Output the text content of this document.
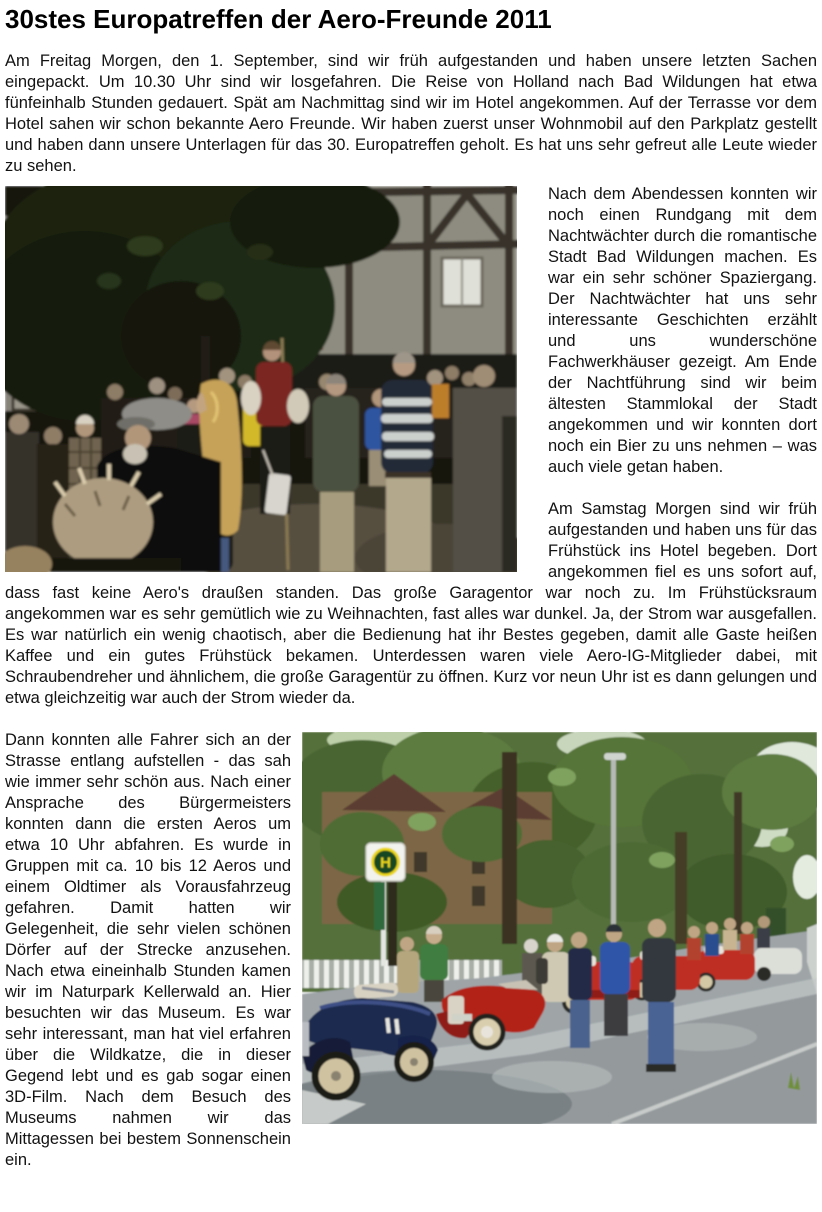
30stes Europatreffen der Aero-Freunde 2011

Am Freitag Morgen, den 1. September, sind wir früh aufgestanden und haben unsere letzten Sachen eingepackt. Um 10.30 Uhr sind wir losgefahren. Die Reise von Holland nach Bad Wildungen hat etwa fünfeinhalb Stunden gedauert. Spät am Nachmittag sind wir im Hotel angekommen. Auf der Terrasse vor dem Hotel sahen wir schon bekannte Aero Freunde. Wir haben zuerst unser Wohnmobil auf den Parkplatz gestellt und haben dann unsere Unterlagen für das 30. Europatreffen geholt. Es hat uns sehr gefreut alle Leute wieder zu sehen.

Nach dem Abendessen konnten wir noch einen Rundgang mit dem Nachtwächter durch die romantische Stadt Bad Wildungen machen. Es war ein sehr schöner Spaziergang. Der Nachtwächter hat uns sehr interessante Geschichten erzählt und uns wunderschöne Fachwerkhäuser gezeigt. Am Ende der Nachtführung sind wir beim ältesten Stammlokal der Stadt angekommen und wir konnten dort noch ein Bier zu uns nehmen – was auch viele getan haben.

Am Samstag Morgen sind wir früh aufgestanden und haben uns für das Frühstück ins Hotel begeben. Dort angekommen fiel es uns sofort auf, dass fast keine Aero's draußen standen. Das große Garagentor war noch zu. Im Frühstücksraum angekommen war es sehr gemütlich wie zu Weihnachten, fast alles war dunkel. Ja, der Strom war ausgefallen. Es war natürlich ein wenig chaotisch, aber die Bedienung hat ihr Bestes gegeben, damit alle Gaste heißen Kaffee und ein gutes Frühstück bekamen. Unterdessen waren viele Aero-IG-Mitglieder dabei, mit Schraubendreher und ähnlichem, die große Garagentür zu öffnen. Kurz vor neun Uhr ist es dann gelungen und etwa gleichzeitig war auch der Strom wieder da.

H

Dann konnten alle Fahrer sich an der Strasse entlang aufstellen - das sah wie immer sehr schön aus. Nach einer Ansprache des Bürgermeisters konnten dann die ersten Aeros um etwa 10 Uhr abfahren. Es wurde in Gruppen mit ca. 10 bis 12 Aeros und einem Oldtimer als Vorausfahrzeug gefahren. Damit hatten wir Gelegenheit, die sehr vielen schönen Dörfer auf der Strecke anzusehen. Nach etwa eineinhalb Stunden kamen wir im Naturpark Kellerwald an. Hier besuchten wir das Museum. Es war sehr interessant, man hat viel erfahren über die Wildkatze, die in dieser Gegend lebt und es gab sogar einen 3D-Film. Nach dem Besuch des Museums nahmen wir das Mittagessen bei bestem Sonnenschein ein.
